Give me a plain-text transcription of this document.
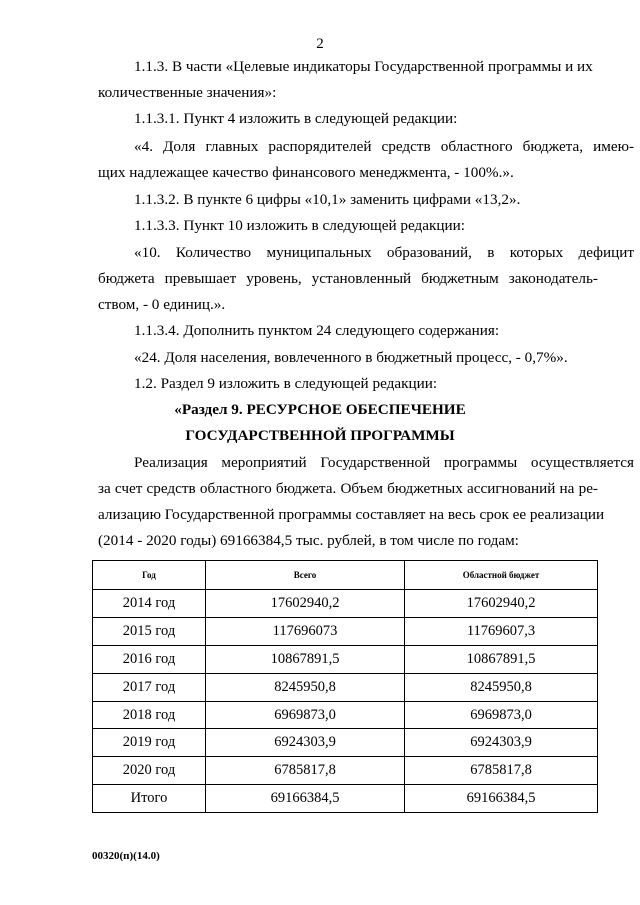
2
1.1.3. В части «Целевые индикаторы Государственной программы и их
количественные значения»:
1.1.3.1. Пункт 4 изложить в следующей редакции:
«4. Доля главных распорядителей средств областного бюджета, имею-
щих надлежащее качество финансового менеджмента, - 100%.».
1.1.3.2. В пункте 6 цифры «10,1» заменить цифрами «13,2».
1.1.3.3. Пункт 10 изложить в следующей редакции:
«10. Количество муниципальных образований, в которых дефицит
бюджета превышает уровень, установленный бюджетным законодатель-
ством, - 0 единиц.».
1.1.3.4. Дополнить пунктом 24 следующего содержания:
«24. Доля населения, вовлеченного в бюджетный процесс, - 0,7%».
1.2. Раздел 9 изложить в следующей редакции:
«Раздел 9. РЕСУРСНОЕ ОБЕСПЕЧЕНИЕ
ГОСУДАРСТВЕННОЙ ПРОГРАММЫ
Реализация мероприятий Государственной программы осуществляется
за счет средств областного бюджета. Объем бюджетных ассигнований на ре-
ализацию Государственной программы составляет на весь срок ее реализации
(2014 - 2020 годы) 69166384,5 тыс. рублей, в том числе по годам:
Год	Всего	Областной бюджет
2014 год	17602940,2	17602940,2
2015 год	117696073	11769607,3
2016 год	10867891,5	10867891,5
2017 год	8245950,8	8245950,8
2018 год	6969873,0	6969873,0
2019 год	6924303,9	6924303,9
2020 год	6785817,8	6785817,8
Итого	69166384,5	69166384,5
00320(п)(14.0)
